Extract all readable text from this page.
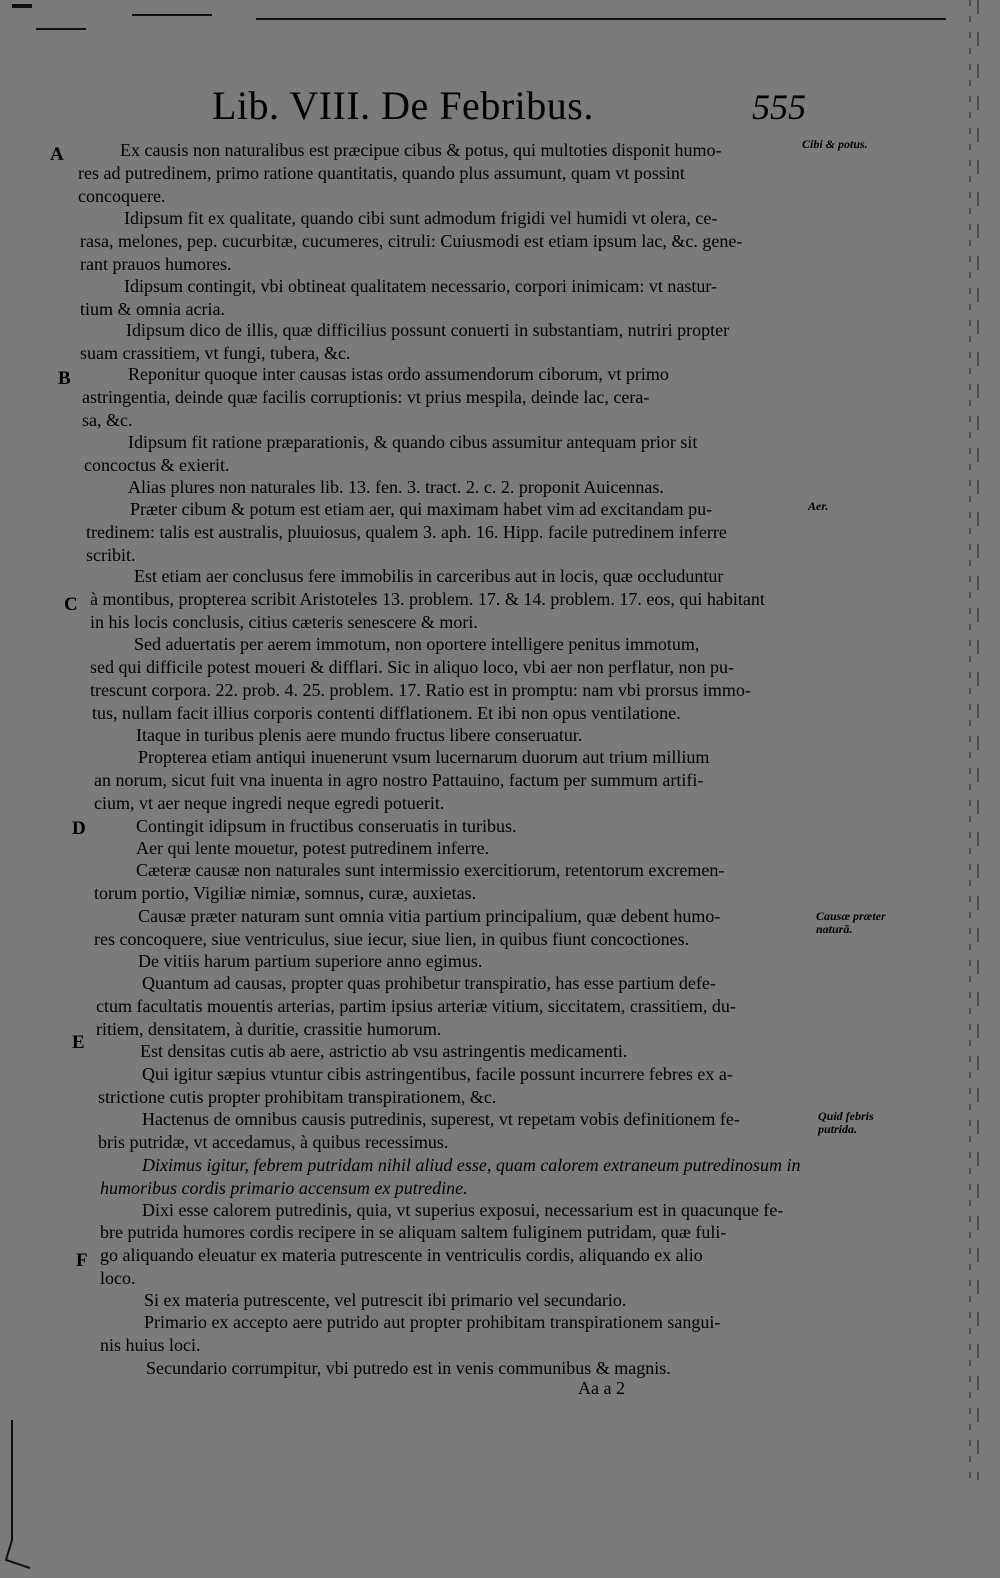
Lib. VIII. De Febribus.	555
A
B
C
D
E
F
Cibi & potus.
Aer.
Causæ præter naturã.
Quid febris putrida.
Ex causis non naturalibus est præcipue cibus & potus, qui multoties disponit humo-
res ad putredinem, primo ratione quantitatis, quando plus assumunt, quam vt possint
concoquere.
Idipsum fit ex qualitate, quando cibi sunt admodum frigidi vel humidi vt olera, ce-
rasa, melones, pep. cucurbitæ, cucumeres, citruli: Cuiusmodi est etiam ipsum lac, &c. gene-
rant prauos humores.
Idipsum contingit, vbi obtineat qualitatem necessario, corpori inimicam: vt nastur-
tium & omnia acria.
Idipsum dico de illis, quæ difficilius possunt conuerti in substantiam, nutriri propter
suam crassitiem, vt fungi, tubera, &c.
Reponitur quoque inter causas istas ordo assumendorum ciborum, vt primo
astringentia, deinde quæ facilis corruptionis: vt prius mespila, deinde lac, cera-
sa, &c.
Idipsum fit ratione præparationis, & quando cibus assumitur antequam prior sit
concoctus & exierit.
Alias plures non naturales lib. 13. fen. 3. tract. 2. c. 2. proponit Auicennas.
Præter cibum & potum est etiam aer, qui maximam habet vim ad excitandam pu-
tredinem: talis est australis, pluuiosus, qualem 3. aph. 16. Hipp. facile putredinem inferre
scribit.
Est etiam aer conclusus fere immobilis in carceribus aut in locis, quæ occluduntur
à montibus, propterea scribit Aristoteles 13. problem. 17. & 14. problem. 17. eos, qui habitant
in his locis conclusis, citius cæteris senescere & mori.
Sed aduertatis per aerem immotum, non oportere intelligere penitus immotum,
sed qui difficile potest moueri & difflari. Sic in aliquo loco, vbi aer non perflatur, non pu-
trescunt corpora. 22. prob. 4. 25. problem. 17. Ratio est in promptu: nam vbi prorsus immo-
tus, nullam facit illius corporis contenti difflationem. Et ibi non opus ventilatione.
Itaque in turibus plenis aere mundo fructus libere conseruatur.
Propterea etiam antiqui inuenerunt vsum lucernarum duorum aut trium millium
an norum, sicut fuit vna inuenta in agro nostro Pattauino, factum per summum artifi-
cium, vt aer neque ingredi neque egredi potuerit.
Contingit idipsum in fructibus conseruatis in turibus.
Aer qui lente mouetur, potest putredinem inferre.
Cæteræ causæ non naturales sunt intermissio exercitiorum, retentorum excremen-
torum portio, Vigiliæ nimiæ, somnus, curæ, auxietas.
Causæ præter naturam sunt omnia vitia partium principalium, quæ debent humo-
res concoquere, siue ventriculus, siue iecur, siue lien, in quibus fiunt concoctiones.
De vitiis harum partium superiore anno egimus.
Quantum ad causas, propter quas prohibetur transpiratio, has esse partium defe-
ctum facultatis mouentis arterias, partim ipsius arteriæ vitium, siccitatem, crassitiem, du-
ritiem, densitatem, à duritie, crassitie humorum.
Est densitas cutis ab aere, astrictio ab vsu astringentis medicamenti.
Qui igitur sæpius vtuntur cibis astringentibus, facile possunt incurrere febres ex a-
strictione cutis propter prohibitam transpirationem, &c.
Hactenus de omnibus causis putredinis, superest, vt repetam vobis definitionem fe-
bris putridæ, vt accedamus, à quibus recessimus.
Diximus igitur, febrem putridam nihil aliud esse, quam calorem extraneum putredinosum in
humoribus cordis primario accensum ex putredine.
Dixi esse calorem putredinis, quia, vt superius exposui, necessarium est in quacunque fe-
bre putrida humores cordis recipere in se aliquam saltem fuliginem putridam, quæ fuli-
go aliquando eleuatur ex materia putrescente in ventriculis cordis, aliquando ex alio
loco.
Si ex materia putrescente, vel putrescit ibi primario vel secundario.
Primario ex accepto aere putrido aut propter prohibitam transpirationem sangui-
nis huius loci.
Secundario corrumpitur, vbi putredo est in venis communibus & magnis.
Aa a 2
